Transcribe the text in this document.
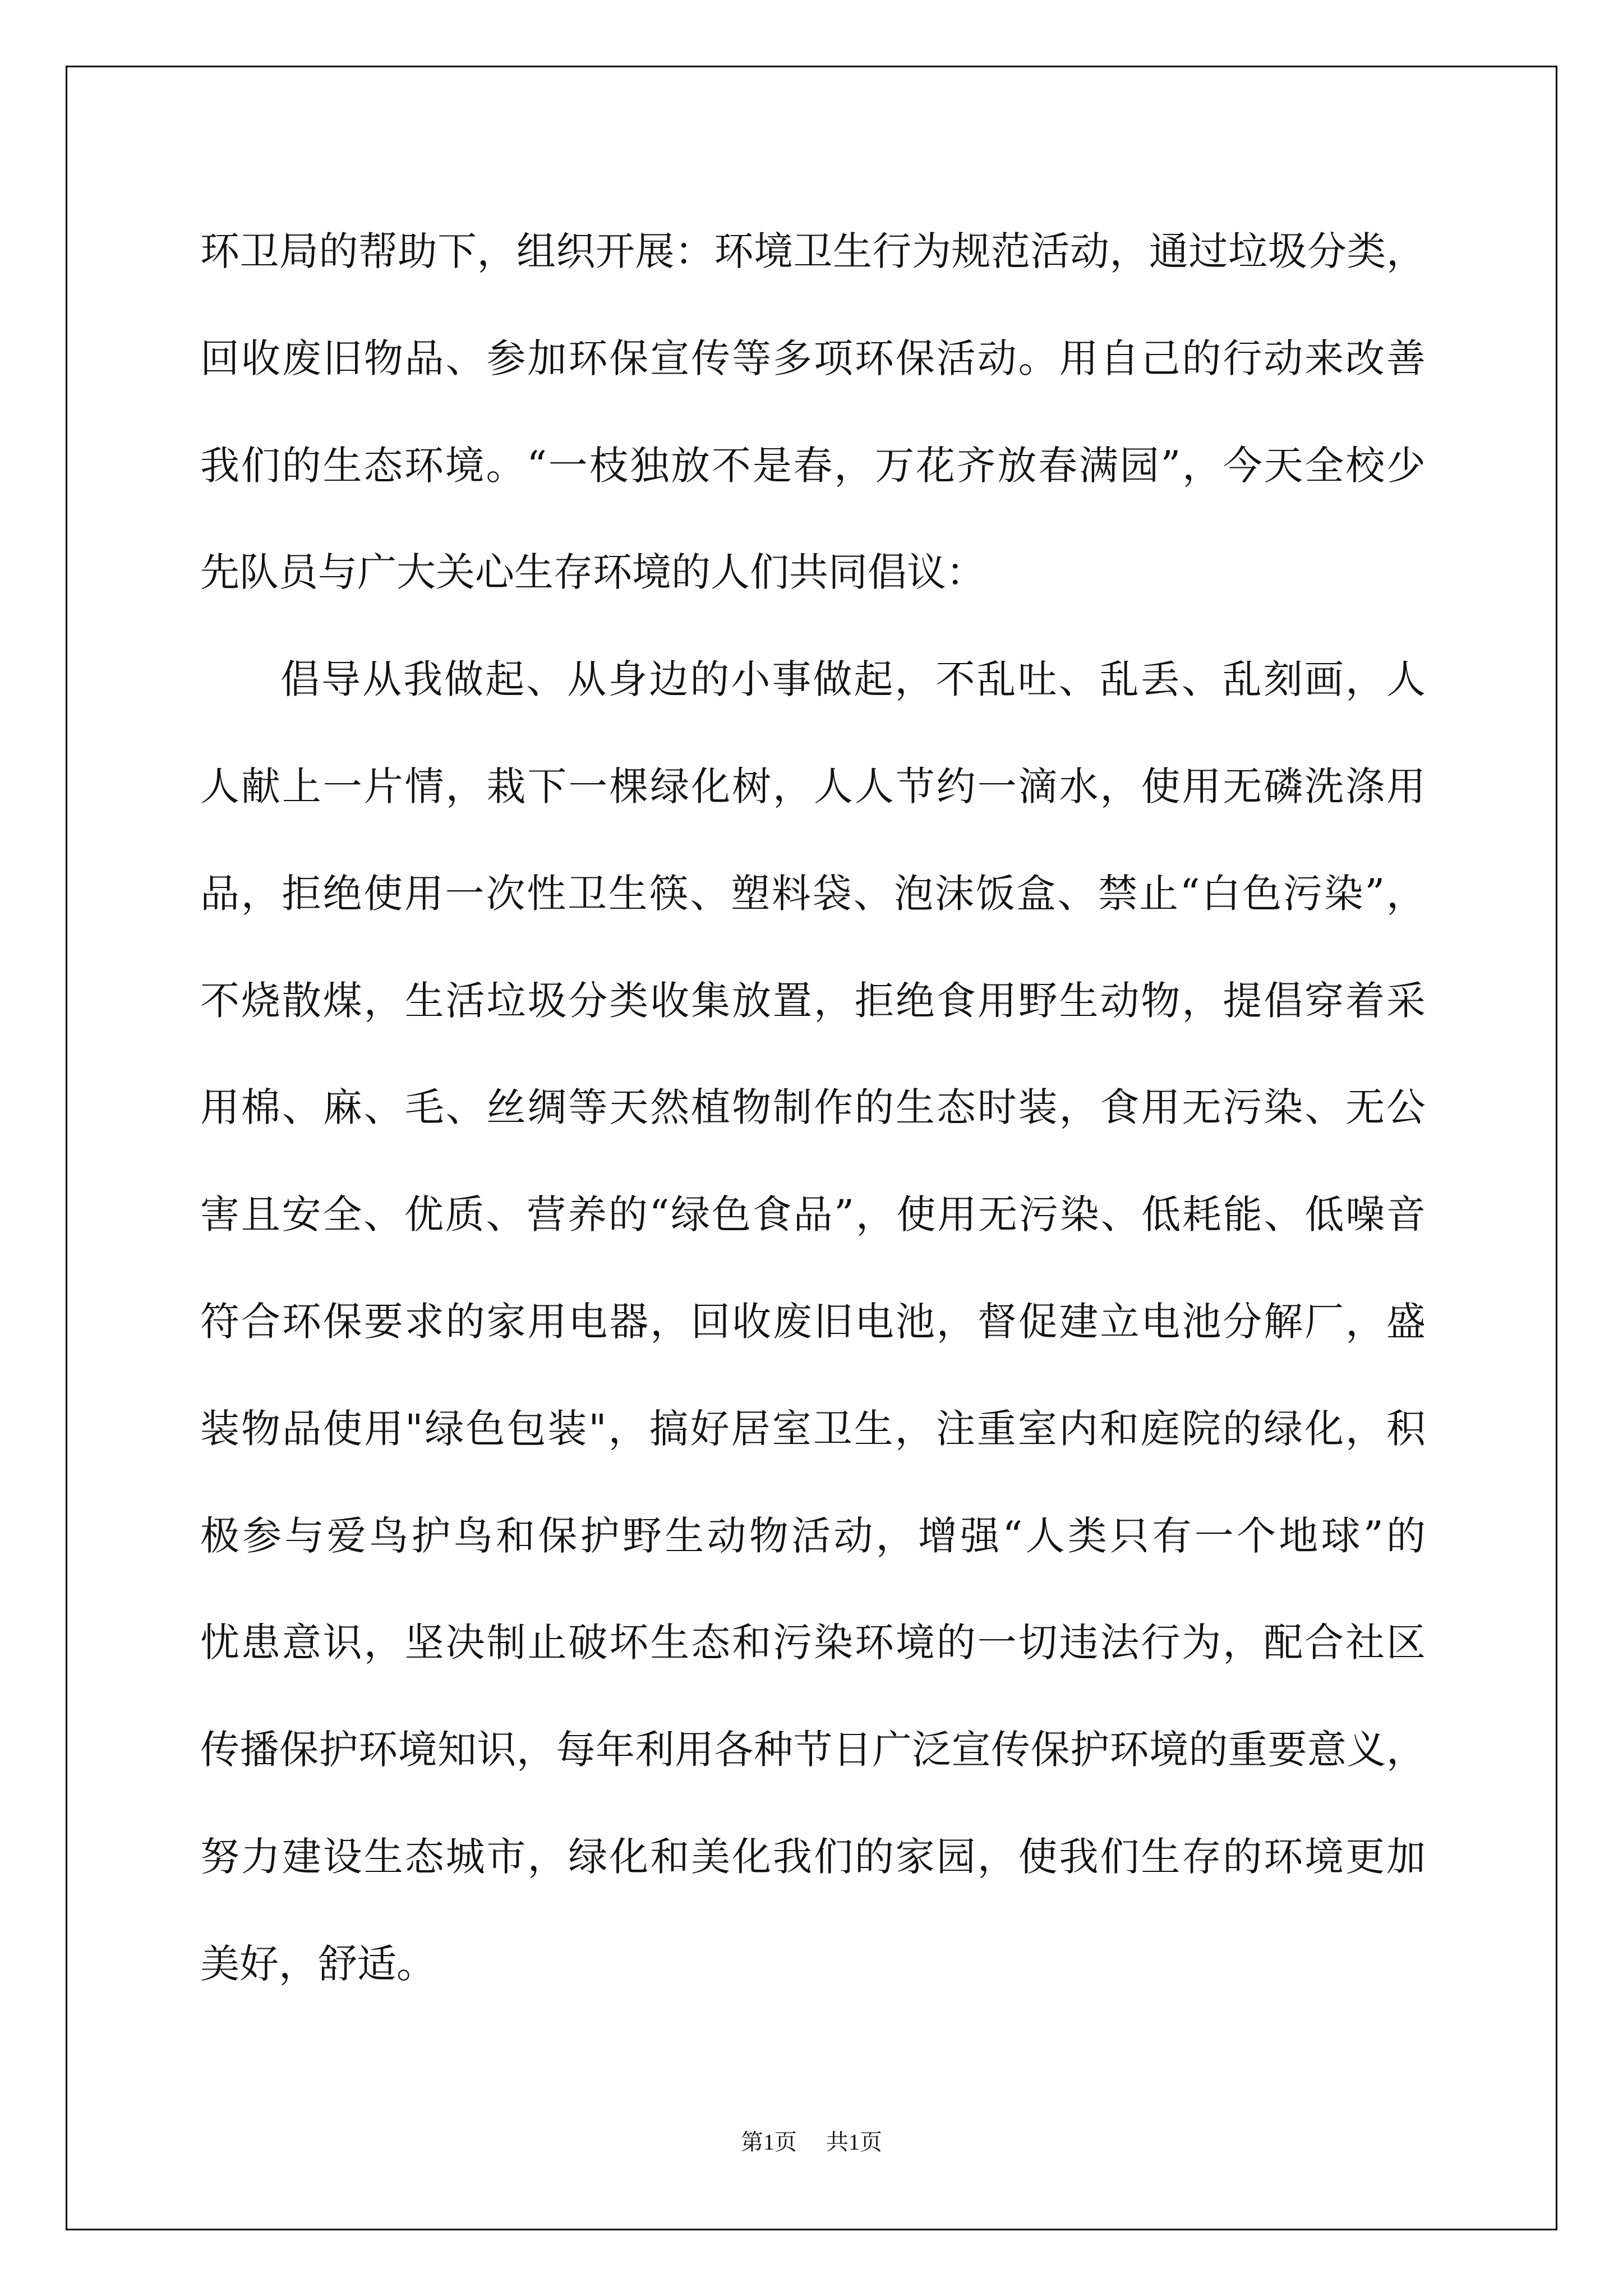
环卫局的帮助下，组织开展：环境卫生行为规范活动，通过垃圾分类，
回收废旧物品、参加环保宣传等多项环保活动。用自己的行动来改善
我们的生态环境。“一枝独放不是春，万花齐放春满园”，今天全校少
先队员与广大关心生存环境的人们共同倡议：
倡导从我做起、从身边的小事做起，不乱吐、乱丢、乱刻画，人
人献上一片情，栽下一棵绿化树，人人节约一滴水，使用无磷洗涤用
品，拒绝使用一次性卫生筷、塑料袋、泡沫饭盒、禁止“白色污染”，
不烧散煤，生活垃圾分类收集放置，拒绝食用野生动物，提倡穿着采
用棉、麻、毛、丝绸等天然植物制作的生态时装，食用无污染、无公
害且安全、优质、营养的“绿色食品”，使用无污染、低耗能、低噪音
符合环保要求的家用电器，回收废旧电池，督促建立电池分解厂，盛
装物品使用"绿色包装"，搞好居室卫生，注重室内和庭院的绿化，积
极参与爱鸟护鸟和保护野生动物活动，增强“人类只有一个地球”的
忧患意识，坚决制止破坏生态和污染环境的一切违法行为，配合社区
传播保护环境知识，每年利用各种节日广泛宣传保护环境的重要意义，
努力建设生态城市，绿化和美化我们的家园，使我们生存的环境更加
美好，舒适。
第1页 共1页
